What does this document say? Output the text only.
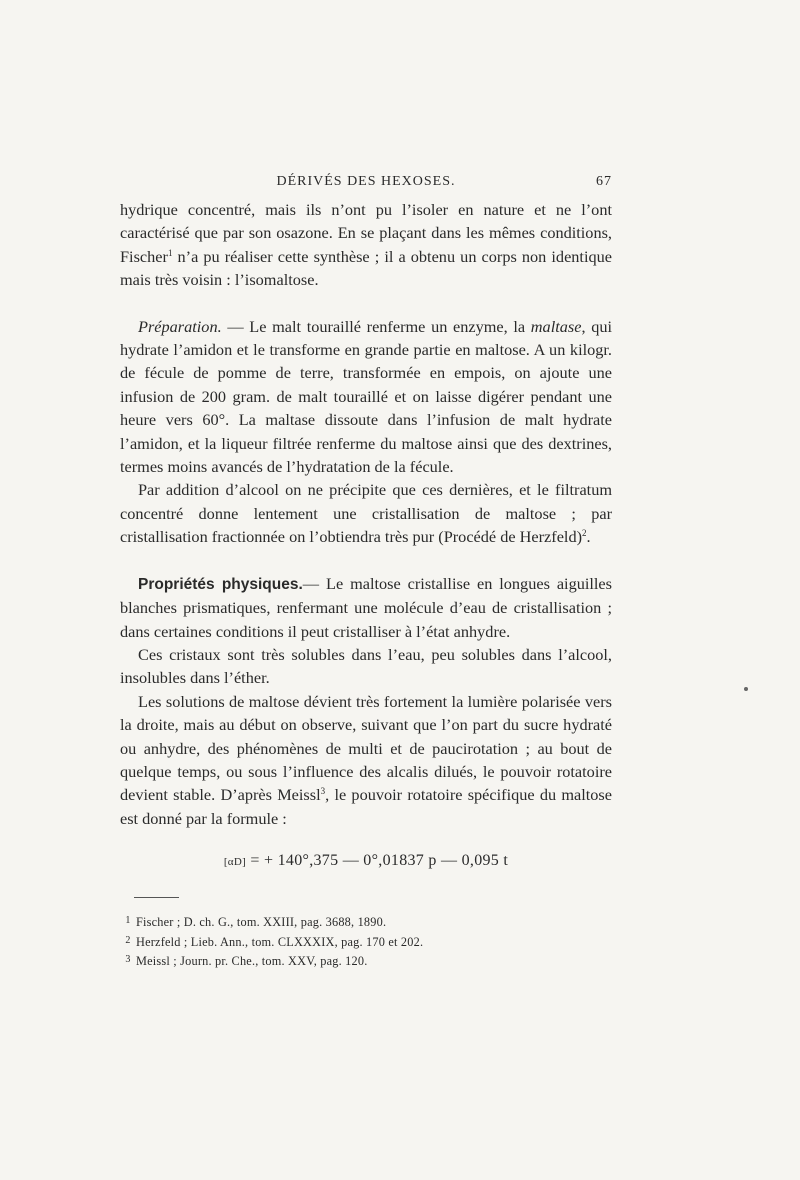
DÉRIVÉS DES HEXOSES.	67

hydrique concentré, mais ils n’ont pu l’isoler en nature et ne l’ont caractérisé que par son osazone. En se plaçant dans les mêmes conditions, Fischer$^1$ n’a pu réaliser cette synthèse ; il a obtenu un corps non identique mais très voisin : l’isomaltose.

Préparation. — Le malt touraillé renferme un enzyme, la maltase, qui hydrate l’amidon et le transforme en grande partie en maltose. A un kilogr. de fécule de pomme de terre, transformée en empois, on ajoute une infusion de 200 gram. de malt touraillé et on laisse digérer pendant une heure vers 60°. La maltase dissoute dans l’infusion de malt hydrate l’amidon, et la liqueur filtrée renferme du maltose ainsi que des dextrines, termes moins avancés de l’hydratation de la fécule.

Par addition d’alcool on ne précipite que ces dernières, et le filtratum concentré donne lentement une cristallisation de maltose ; par cristallisation fractionnée on l’obtiendra très pur (Procédé de Herzfeld)$^2$.

Propriétés physiques.— Le maltose cristallise en longues aiguilles blanches prismatiques, renfermant une molécule d’eau de cristallisation ; dans certaines conditions il peut cristalliser à l’état anhydre.

Ces cristaux sont très solubles dans l’eau, peu solubles dans l’alcool, insolubles dans l’éther.

Les solutions de maltose dévient très fortement la lumière polarisée vers la droite, mais au début on observe, suivant que l’on part du sucre hydraté ou anhydre, des phénomènes de multi et de paucirotation ; au bout de quelque temps, ou sous l’influence des alcalis dilués, le pouvoir rotatoire devient stable. D’après Meissl$^3$, le pouvoir rotatoire spécifique du maltose est donné par la formule :

[αD] = + 140°,375 — 0°,01837 p — 0,095 t

1 Fischer ; D. ch. G., tom. XXIII, pag. 3688, 1890.

2 Herzfeld ; Lieb. Ann., tom. CLXXXIX, pag. 170 et 202.

3 Meissl ; Journ. pr. Che., tom. XXV, pag. 120.
